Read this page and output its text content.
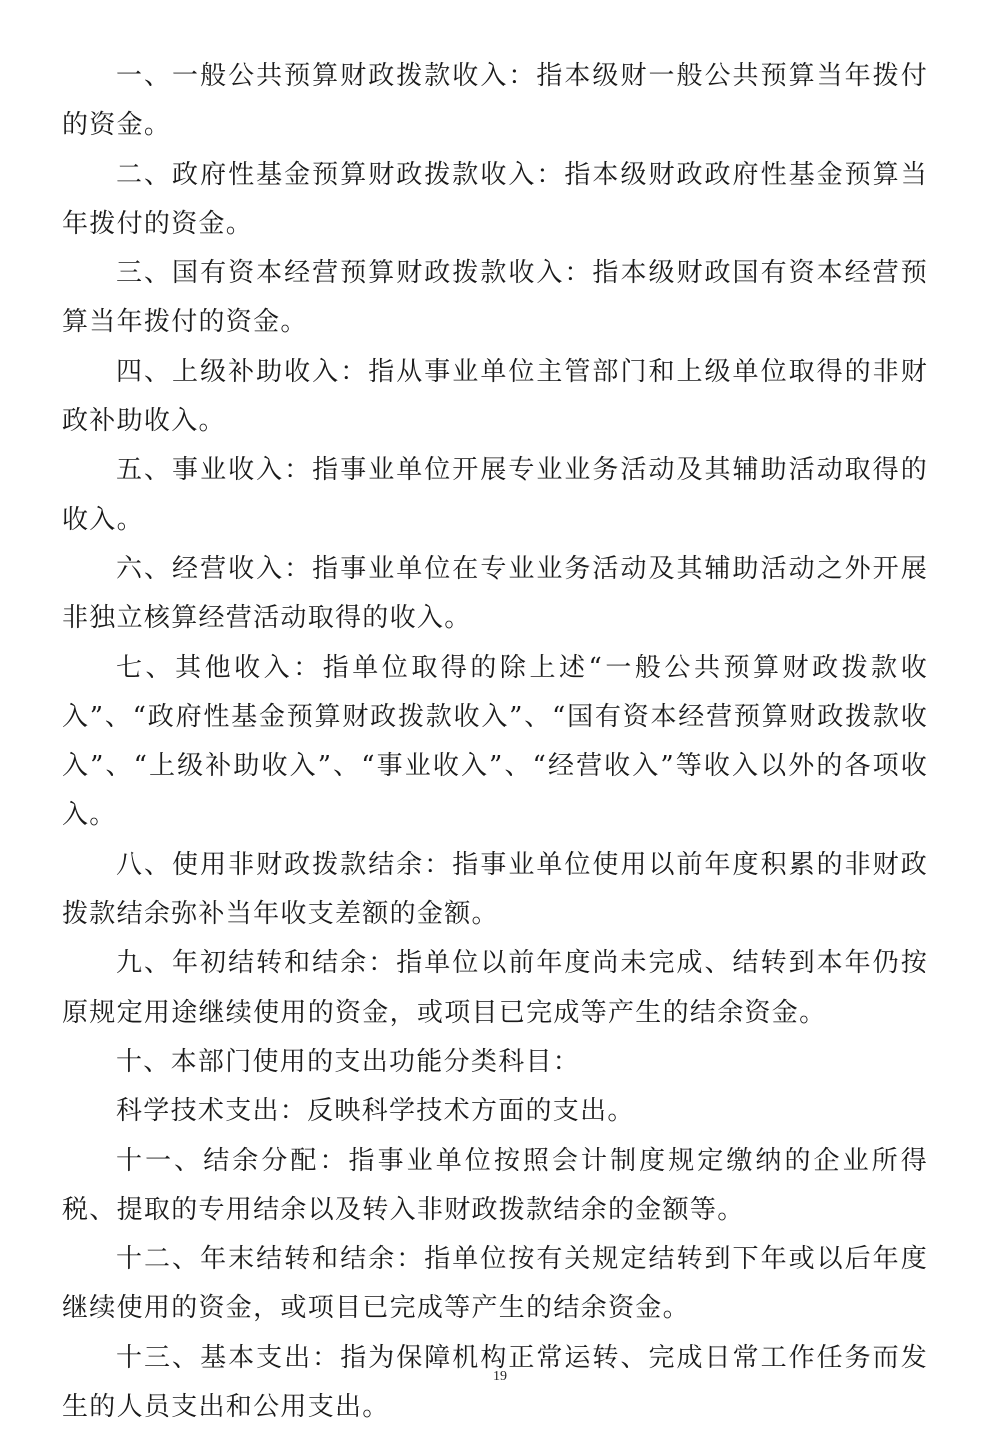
一、一般公共预算财政拨款收入：指本级财一般公共预算当年拨付的资金。

二、政府性基金预算财政拨款收入：指本级财政政府性基金预算当年拨付的资金。

三、国有资本经营预算财政拨款收入：指本级财政国有资本经营预算当年拨付的资金。

四、上级补助收入：指从事业单位主管部门和上级单位取得的非财政补助收入。

五、事业收入：指事业单位开展专业业务活动及其辅助活动取得的收入。

六、经营收入：指事业单位在专业业务活动及其辅助活动之外开展非独立核算经营活动取得的收入。

七、其他收入：指单位取得的除上述“一般公共预算财政拨款收入”、“政府性基金预算财政拨款收入”、“国有资本经营预算财政拨款收入”、“上级补助收入”、“事业收入”、“经营收入”等收入以外的各项收入。

八、使用非财政拨款结余：指事业单位使用以前年度积累的非财政拨款结余弥补当年收支差额的金额。

九、年初结转和结余：指单位以前年度尚未完成、结转到本年仍按原规定用途继续使用的资金，或项目已完成等产生的结余资金。

十、本部门使用的支出功能分类科目：

科学技术支出：反映科学技术方面的支出。

十一、结余分配：指事业单位按照会计制度规定缴纳的企业所得税、提取的专用结余以及转入非财政拨款结余的金额等。

十二、年末结转和结余：指单位按有关规定结转到下年或以后年度继续使用的资金，或项目已完成等产生的结余资金。

十三、基本支出：指为保障机构正常运转、完成日常工作任务而发生的人员支出和公用支出。

19
